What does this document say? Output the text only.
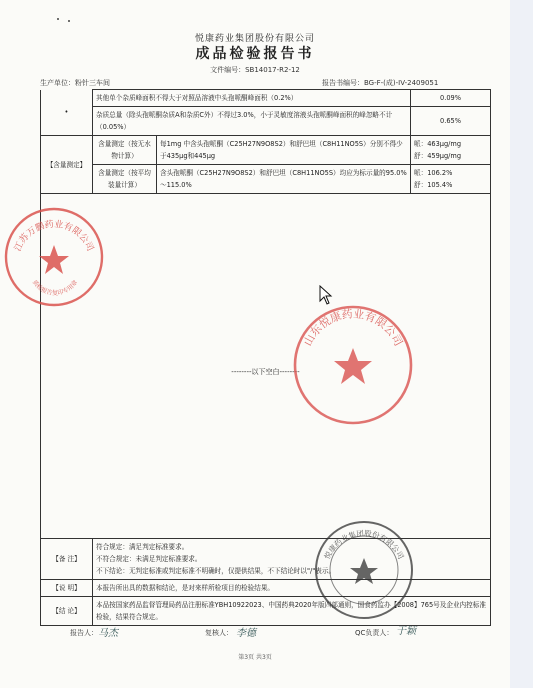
悦康药业集团股份有限公司
成品检验报告书
文件编号：SB14017-R2-12
生产单位：粉针三车间	报告书编号：BG-F-(成)-IV-2409051
•	其他单个杂质峰面积不得大于对照品溶液中头孢哌酮峰面积（0.2%）		0.09%
	杂质总量（除头孢哌酮杂质A和杂质C外）不得过3.0%，小于灵敏度溶液头孢哌酮峰面积的峰忽略不计（0.05%）		0.65%
【含量测定】	含量测定（按无水物计算）	每1mg 中含头孢哌酮（C25H27N9O8S2）和舒巴坦（C8H11NO5S）分别不得少于435μg和445μg	哌：463μg/mg
舒：459μg/mg

	含量测定（按平均装量计算）	含头孢哌酮（C25H27N9O8S2）和舒巴坦（C8H11NO5S）均应为标示量的95.0%～115.0%	哌：106.2%
舒：105.4%

--------以下空白--------			

【备 注】	符合规定：满足判定标准要求。
不符合规定：未满足判定标准要求。
不下结论：无判定标准或判定标准不明确时，仅提供结果，不下结论时以"/"表示。		

【说 明】	本报告所出具的数据和结论，是对来样所检项目的检验结果。		
【结 论】	本品按国家药品监督管理局药品注册标准YBH10922023、中国药典2020年版四部通则，国食药监办【2008】765号及企业内控标准检验，结果符合规定。		
江苏万鹏药业有限公司
质检报告复印专用章
山东悦康药业有限公司
悦康药业集团股份有限公司
报告人： 马杰	复核人： 李德	QC负责人： 于颖
第3页 共3页
